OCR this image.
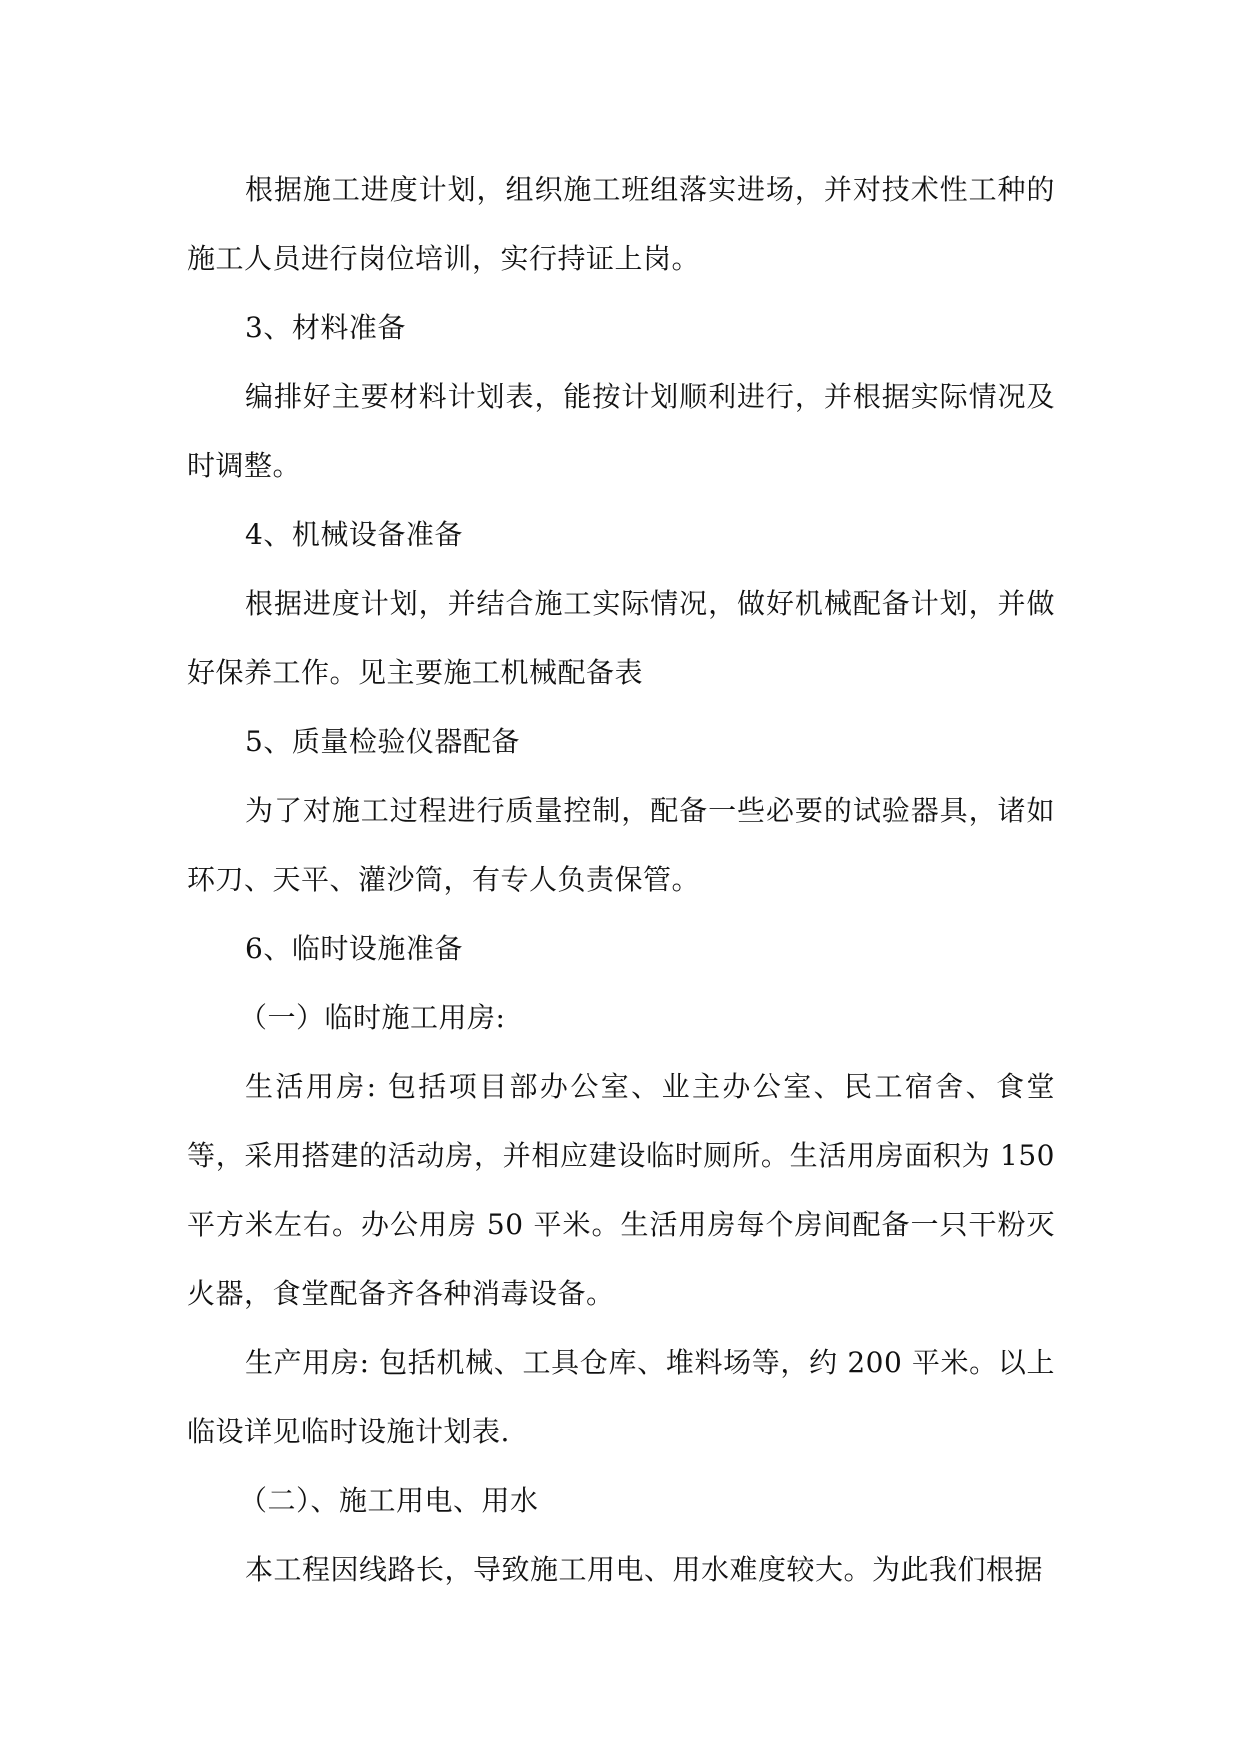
根据施工进度计划，组织施工班组落实进场，并对技术性工种的施工人员进行岗位培训，实行持证上岗。

3、材料准备

编排好主要材料计划表，能按计划顺利进行，并根据实际情况及时调整。

4、机械设备准备

根据进度计划，并结合施工实际情况，做好机械配备计划，并做好保养工作。见主要施工机械配备表

5、质量检验仪器配备

为了对施工过程进行质量控制，配备一些必要的试验器具，诸如环刀、天平、灌沙筒，有专人负责保管。

6、临时设施准备

（一）临时施工用房:

生活用房: 包括项目部办公室、业主办公室、民工宿舍、食堂等，采用搭建的活动房，并相应建设临时厕所。生活用房面积为 150 平方米左右。办公用房 50 平米。生活用房每个房间配备一只干粉灭火器，食堂配备齐各种消毒设备。

生产用房: 包括机械、工具仓库、堆料场等，约 200 平米。以上临设详见临时设施计划表.

（二）、施工用电、用水

本工程因线路长，导致施工用电、用水难度较大。为此我们根据
